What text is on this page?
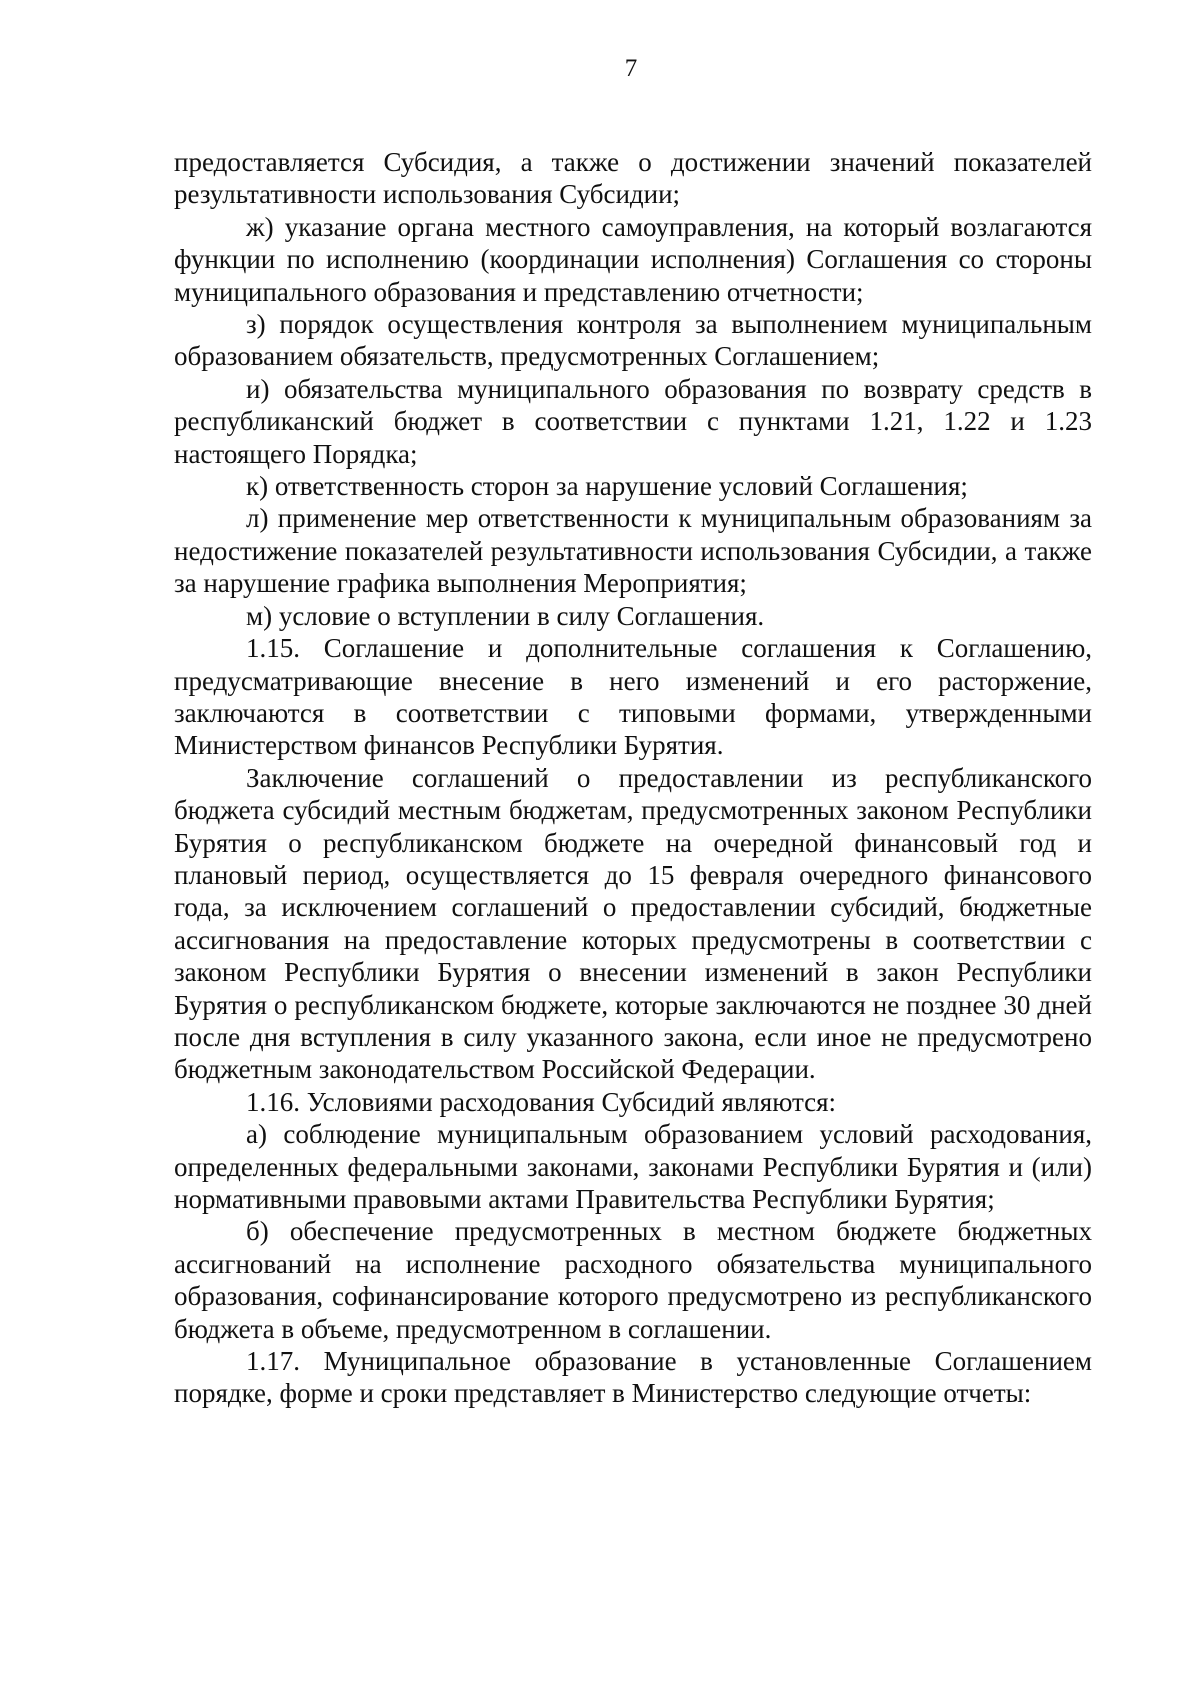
7

предоставляется Субсидия, а также о достижении значений показателей результативности использования Субсидии;

ж) указание органа местного самоуправления, на который возлагаются функции по исполнению (координации исполнения) Соглашения со стороны муниципального образования и представлению отчетности;

з) порядок осуществления контроля за выполнением муниципальным образованием обязательств, предусмотренных Соглашением;

и) обязательства муниципального образования по возврату средств в республиканский бюджет в соответствии с пунктами 1.21, 1.22 и 1.23 настоящего Порядка;

к) ответственность сторон за нарушение условий Соглашения;

л) применение мер ответственности к муниципальным образованиям за недостижение показателей результативности использования Субсидии, а также за нарушение графика выполнения Мероприятия;

м) условие о вступлении в силу Соглашения.

1.15. Соглашение и дополнительные соглашения к Соглашению, предусматривающие внесение в него изменений и его расторжение, заключаются в соответствии с типовыми формами, утвержденными Министерством финансов Республики Бурятия.

Заключение соглашений о предоставлении из республиканского бюджета субсидий местным бюджетам, предусмотренных законом Республики Бурятия о республиканском бюджете на очередной финансовый год и плановый период, осуществляется до 15 февраля очередного финансового года, за исключением соглашений о предоставлении субсидий, бюджетные ассигнования на предоставление которых предусмотрены в соответствии с законом Республики Бурятия о внесении изменений в закон Республики Бурятия о республиканском бюджете, которые заключаются не позднее 30 дней после дня вступления в силу указанного закона, если иное не предусмотрено бюджетным законодательством Российской Федерации.

1.16. Условиями расходования Субсидий являются:

а) соблюдение муниципальным образованием условий расходования, определенных федеральными законами, законами Республики Бурятия и (или) нормативными правовыми актами Правительства Республики Бурятия;

б) обеспечение предусмотренных в местном бюджете бюджетных ассигнований на исполнение расходного обязательства муниципального образования, софинансирование которого предусмотрено из республиканского бюджета в объеме, предусмотренном в соглашении.

1.17. Муниципальное образование в установленные Соглашением порядке, форме и сроки представляет в Министерство следующие отчеты:
